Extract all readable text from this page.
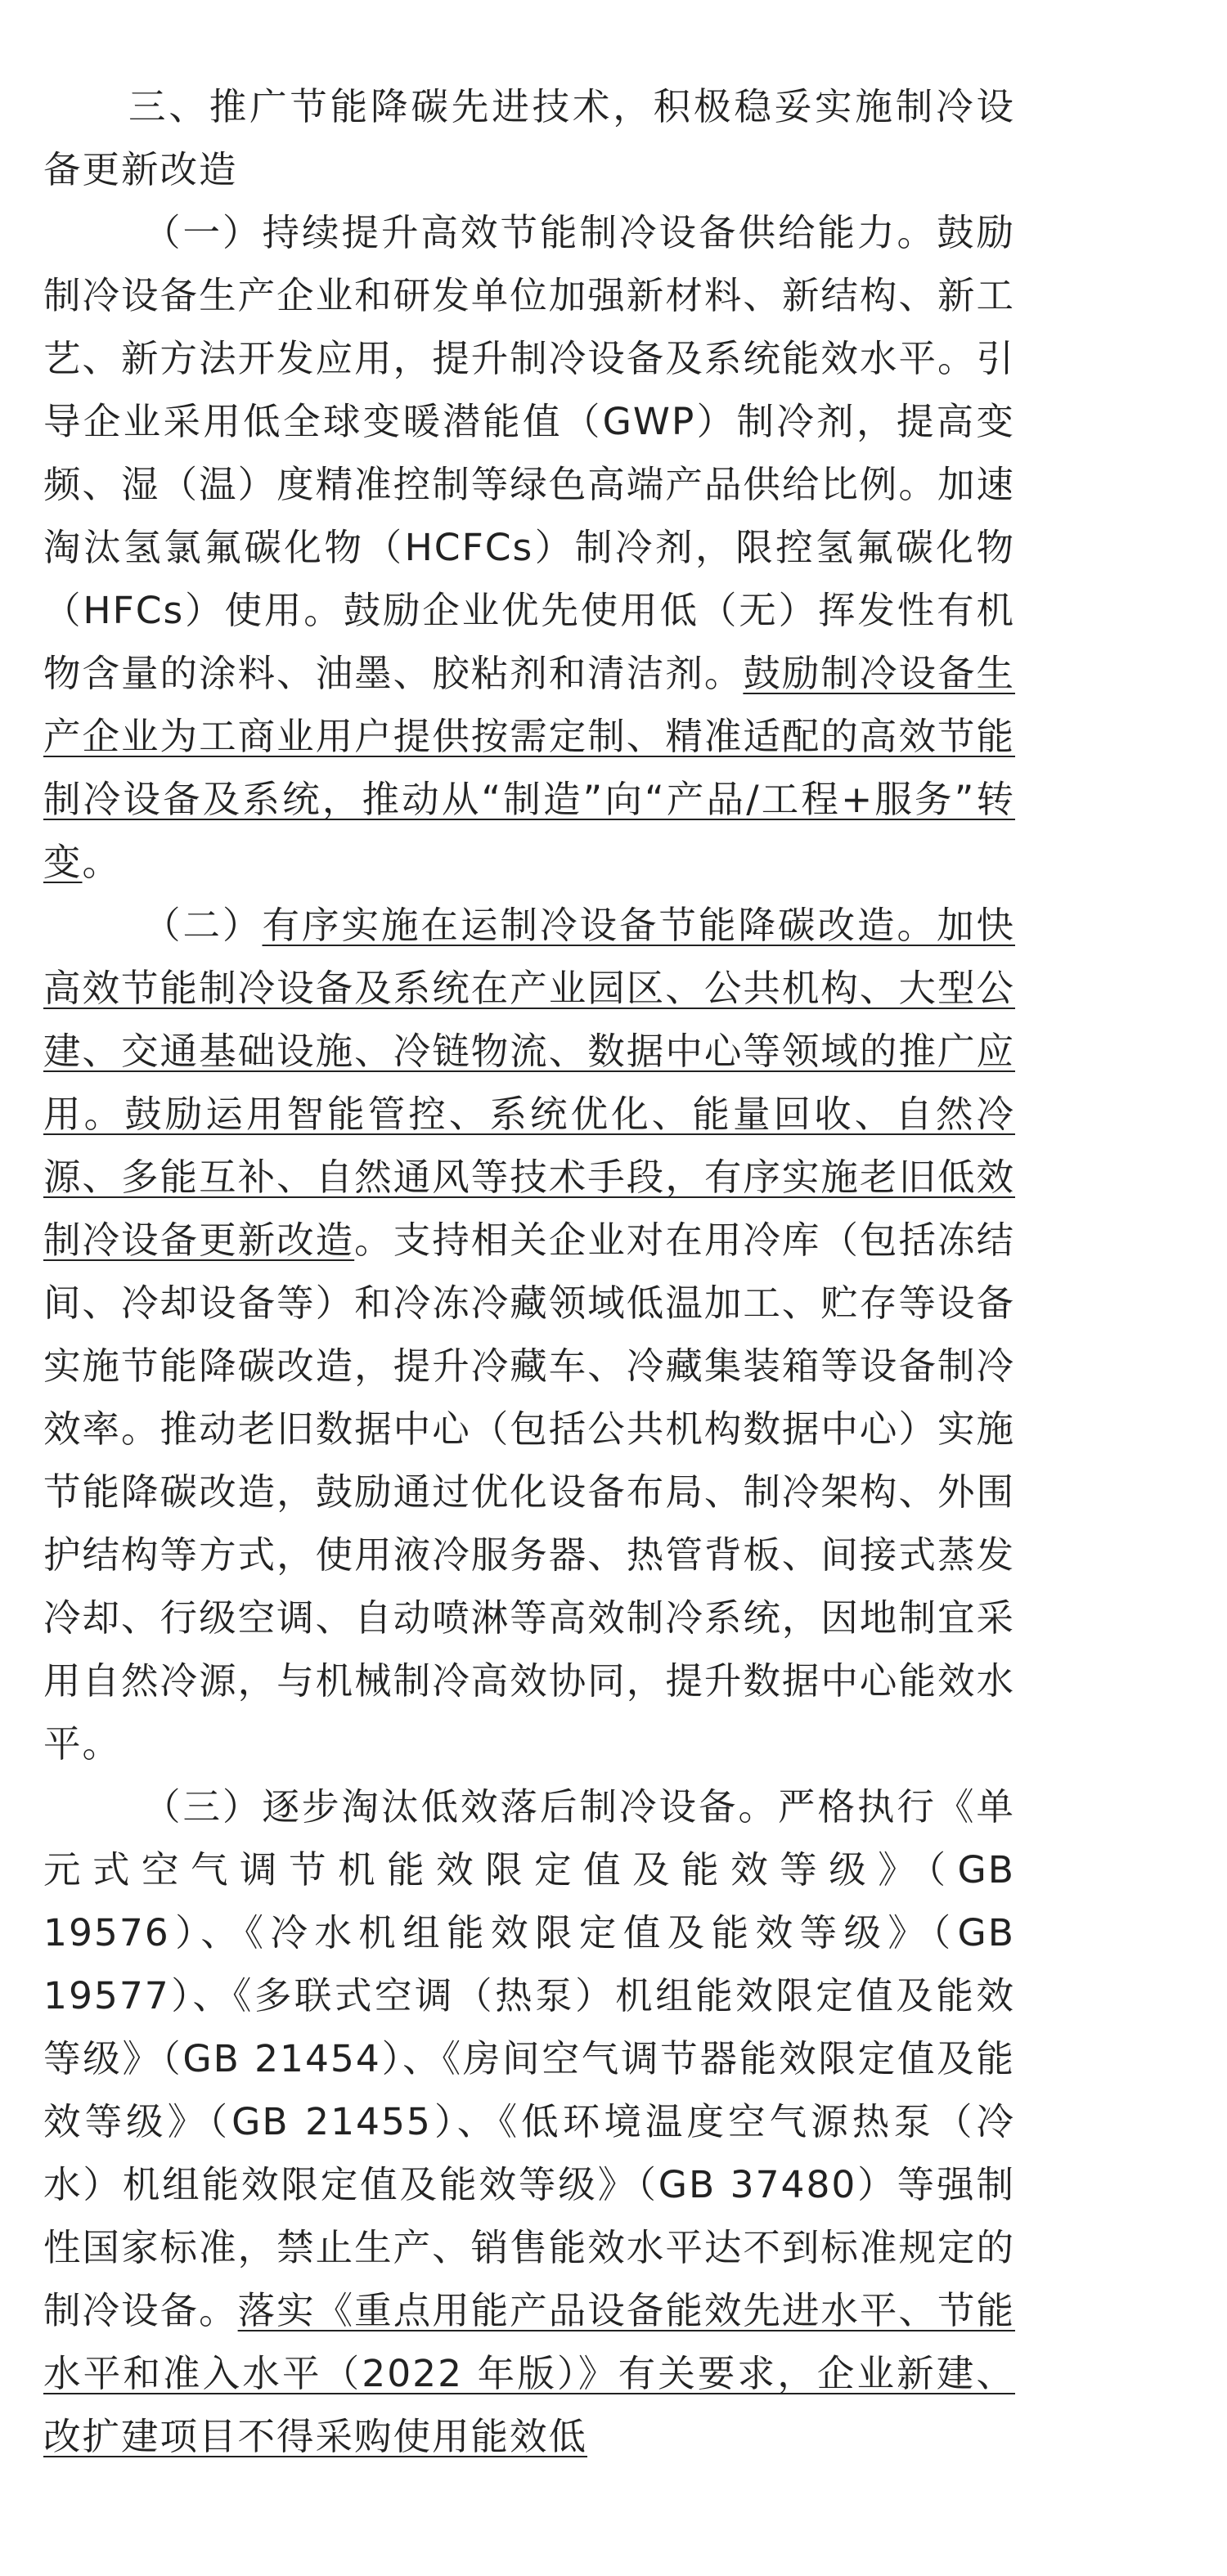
三、推广节能降碳先进技术，积极稳妥实施制冷设备更新改造

（一）持续提升高效节能制冷设备供给能力。鼓励制冷设备生产企业和研发单位加强新材料、新结构、新工艺、新方法开发应用，提升制冷设备及系统能效水平。引导企业采用低全球变暖潜能值（GWP）制冷剂，提高变频、湿（温）度精准控制等绿色高端产品供给比例。加速淘汰氢氯氟碳化物（HCFCs）制冷剂，限控氢氟碳化物（HFCs）使用。鼓励企业优先使用低（无）挥发性有机物含量的涂料、油墨、胶粘剂和清洁剂。鼓励制冷设备生产企业为工商业用户提供按需定制、精准适配的高效节能制冷设备及系统，推动从“制造”向“产品/工程+服务”转变。

（二）有序实施在运制冷设备节能降碳改造。加快高效节能制冷设备及系统在产业园区、公共机构、大型公建、交通基础设施、冷链物流、数据中心等领域的推广应用。鼓励运用智能管控、系统优化、能量回收、自然冷源、多能互补、自然通风等技术手段，有序实施老旧低效制冷设备更新改造。支持相关企业对在用冷库（包括冻结间、冷却设备等）和冷冻冷藏领域低温加工、贮存等设备实施节能降碳改造，提升冷藏车、冷藏集装箱等设备制冷效率。推动老旧数据中心（包括公共机构数据中心）实施节能降碳改造，鼓励通过优化设备布局、制冷架构、外围护结构等方式，使用液冷服务器、热管背板、间接式蒸发冷却、行级空调、自动喷淋等高效制冷系统，因地制宜采用自然冷源，与机械制冷高效协同，提升数据中心能效水平。

（三）逐步淘汰低效落后制冷设备。严格执行《单元式空气调节机能效限定值及能效等级》（GB 19576）、《冷水机组能效限定值及能效等级》（GB 19577）、《多联式空调（热泵）机组能效限定值及能效等级》（GB 21454）、《房间空气调节器能效限定值及能效等级》（GB 21455）、《低环境温度空气源热泵（冷水）机组能效限定值及能效等级》（GB 37480）等强制性国家标准，禁止生产、销售能效水平达不到标准规定的制冷设备。落实《重点用能产品设备能效先进水平、节能水平和准入水平（2022 年版）》有关要求，企业新建、改扩建项目不得采购使用能效低
